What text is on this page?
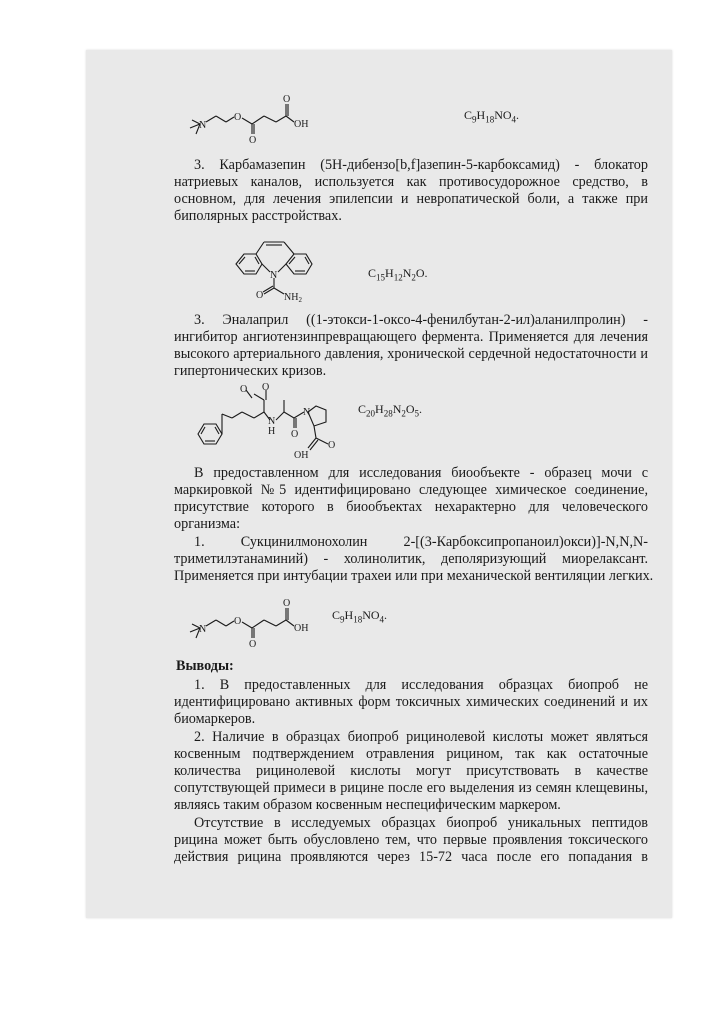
N
O
O
O
OH
$C_9H_{18}NO_4$.
3. Карбамазепин (5H-дибензо[b,f]азепин-5-карбоксамид) - блокатор
натриевых каналов, используется как противосудорожное средство, в
основном, для лечения эпилепсии и невропатической боли, а также при
биполярных расстройствах.
N
O $NH_2$
$C_{15}H_{12}N_2O$.
3. Эналаприл ((1-этокси-1-оксо-4-фенилбутан-2-ил)аланилпролин) -
ингибитор ангиотензинпревращающего фермента. Применяется для лечения
высокого артериального давления, хронической сердечной недостаточности и
гипертонических кризов.
O O
N
H O
N
O
OH
$C_{20}H_{28}N_2O_5$.
В предоставленном для исследования биообъекте - образец мочи с
маркировкой №5 идентифицировано следующее химическое соединение,
присутствие которого в биообъектах нехарактерно для человеческого
организма:
1. Сукцинилмонохолин 2-[(3-Карбоксипропаноил)окси)]-N,N,N-
триметилэтанаминий) - холинолитик, деполяризующий миорелаксант.
Применяется при интубации трахеи или при механической вентиляции легких.
N
O
O
O
OH
$C_9H_{18}NO_4$.
Выводы:
1. В предоставленных для исследования образцах биопроб не
идентифицировано активных форм токсичных химических соединений и их
биомаркеров.
2. Наличие в образцах биопроб рицинолевой кислоты может являться
косвенным подтверждением отравления рицином, так как остаточные
количества рицинолевой кислоты могут присутствовать в качестве
сопутствующей примеси в рицине после его выделения из семян клещевины,
являясь таким образом косвенным неспецифическим маркером.
Отсутствие в исследуемых образцах биопроб уникальных пептидов
рицина может быть обусловлено тем, что первые проявления токсического
действия рицина проявляются через 15-72 часа после его попадания в
